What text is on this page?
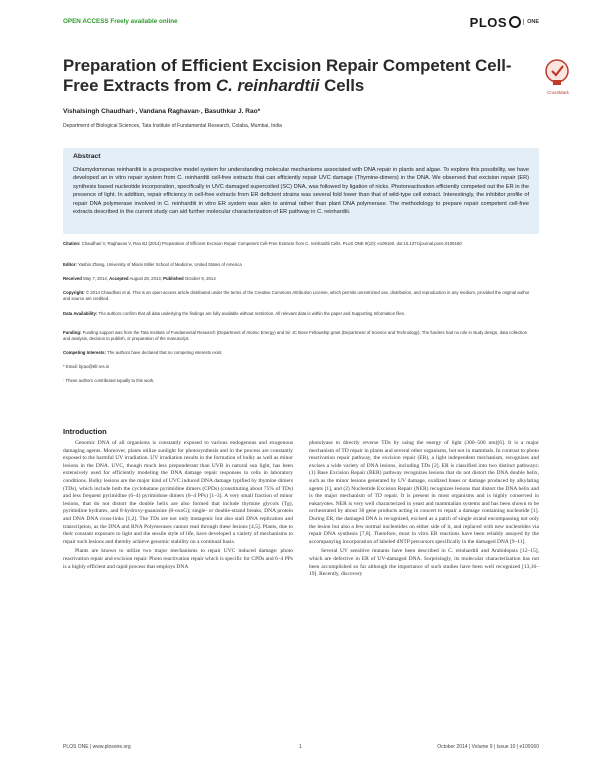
OPEN ACCESS Freely available online	PLOS	ONE
Preparation of Efficient Excision Repair Competent Cell-Free Extracts from C. reinhardtii Cells	CrossMark
Vishalsingh Chaudhari·, Vandana Raghavan·, Basuthkar J. Rao*
Department of Biological Sciences, Tata Institute of Fundamental Research, Colaba, Mumbai, India
Abstract
Chlamydomonas reinhardtii is a prospective model system for understanding molecular mechanisms associated with DNA repair in plants and algae. To explore this possibility, we have developed an in vitro repair system from C. reinhardtii cell-free extracts that can efficiently repair UVC damage (Thymine-dimers) in the DNA. We observed that excision repair (ER) synthesis based nucleotide incorporation, specifically in UVC damaged supercoiled (SC) DNA, was followed by ligation of nicks. Photoreactivation efficiently competed out the ER in the presence of light. In addition, repair efficiency in cell-free extracts from ER deficient strains was several fold lower than that of wild-type cell extract. Interestingly, the inhibitor profile of repair DNA polymerase involved in C. reinhardtii in vitro ER system was akin to animal rather than plant DNA polymerase. The methodology to prepare repair competent cell-free extracts described in the current study can aid further molecular characterization of ER pathway in C. reinhardtii.
Citation: Chaudhari V, Raghavan V, Rao BJ (2014) Preparation of Efficient Excision Repair Competent Cell-Free Extracts from C. reinhardtii Cells. PLoS ONE 9(10): e109160. doi:10.1371/journal.pone.0109160
Editor: Yanbin Zhang, University of Miami Miller School of Medicine, United States of America
Received May 7, 2014; Accepted August 28, 2014; Published October 9, 2014
Copyright: © 2014 Chaudhari et al. This is an open-access article distributed under the terms of the Creative Commons Attribution License, which permits unrestricted use, distribution, and reproduction in any medium, provided the original author and source are credited.
Data Availability: The authors confirm that all data underlying the findings are fully available without restriction. All relevant data is within the paper and Supporting Information files.
Funding: Funding support was from the Tata Institute of Fundamental Research (Department of Atomic Energy) and Sir JC Bose Fellowship grant (Department of Science and Technology). The funders had no role in study design, data collection and analysis, decision to publish, or preparation of the manuscript.
Competing Interests: The authors have declared that no competing interests exist.
* Email: bjrao@tifr.res.in
· These authors contributed equally to this work.
Introduction

Genomic DNA of all organisms is constantly exposed to various endogenous and exogenous damaging agents. Moreover, plants utilize sunlight for photosynthesis and in the process are constantly exposed to the harmful UV irradiation. UV irradiation results in the formation of bulky as well as minor lesions in the DNA. UVC, though much less preponderant than UVB in natural sun light, has been extensively used for efficiently modeling the DNA damage repair responses in cells in laboratory conditions. Bulky lesions are the major kind of UVC induced DNA damage typified by thymine dimers (TDs), which include both the cyclobutane pyrimidine dimers (CPDs) (constituting about 75% of TDs) and less frequent pyrimidine (6–4) pyrimidone dimers (6–4 PPs) [1–3]. A very small fraction of minor lesions, that do not distort the double helix are also formed that include thymine glycols (Tg), pyrimidine hydrates, and 8-hydroxy-guanosine (8-oxoG); single- or double-strand breaks, DNA protein and DNA DNA cross-links [1,2]. The TDs are not only mutagenic but also stall DNA replication and transcription, as the DNA and RNA Polymerases cannot read through these lesions [4,5]. Plants, due to their constant exposure to light and the sessile style of life, have developed a variety of mechanisms to repair such lesions and thereby achieve genomic stability on a continual basis.

Plants are known to utilize two major mechanisms to repair UVC induced damage: photo reactivation repair and excision repair. Photo reactivation repair which is specific for CPDs and 6–4 PPs is a highly efficient and rapid process that employs DNA

photolyase to directly reverse TDs by using the energy of light (300–500 nm)[6]. It is a major mechanism of TD repair in plants and several other organisms, but not in mammals. In contrast to photo reactivation repair pathway, the excision repair (ER), a light independent mechanism, recognizes and excises a wide variety of DNA lesions, including TDs [2]. ER is classified into two distinct pathways: (1) Base Excision Repair (BER) pathway recognizes lesions that do not distort the DNA double helix, such as the minor lesions generated by UV damage, oxidized bases or damage produced by alkylating agents [1], and (2) Nucleotide Excision Repair (NER) recognizes lesions that distort the DNA helix and is the major mechanism of TD repair. It is present in most organisms and is highly conserved in eukaryotes. NER is very well characterized in yeast and mammalian systems and has been shown to be orchestrated by about 30 gene products acting in concert to repair a damage containing nucleotide [1]. During ER, the damaged DNA is recognized, excised as a patch of single strand encompassing not only the lesion but also a few normal nucleotides on either side of it, and replaced with new nucleotides via repair DNA synthesis [7,8]. Therefore, most in vitro ER reactions have been reliably assayed by the accompanying incorporation of labeled dNTP precursors specifically in the damaged DNA [9–11].

Several UV sensitive mutants have been described in C. reinhardtii and Arabidopsis [12–15], which are defective in ER of UV-damaged DNA. Surprisingly, its molecular characterization has not been accomplished so far although the importance of such studies have been well recognized [13,16–19]. Recently, discovery

PLOS ONE | www.plosone.org	1	October 2014 | Volume 9 | Issue 10 | e109160
